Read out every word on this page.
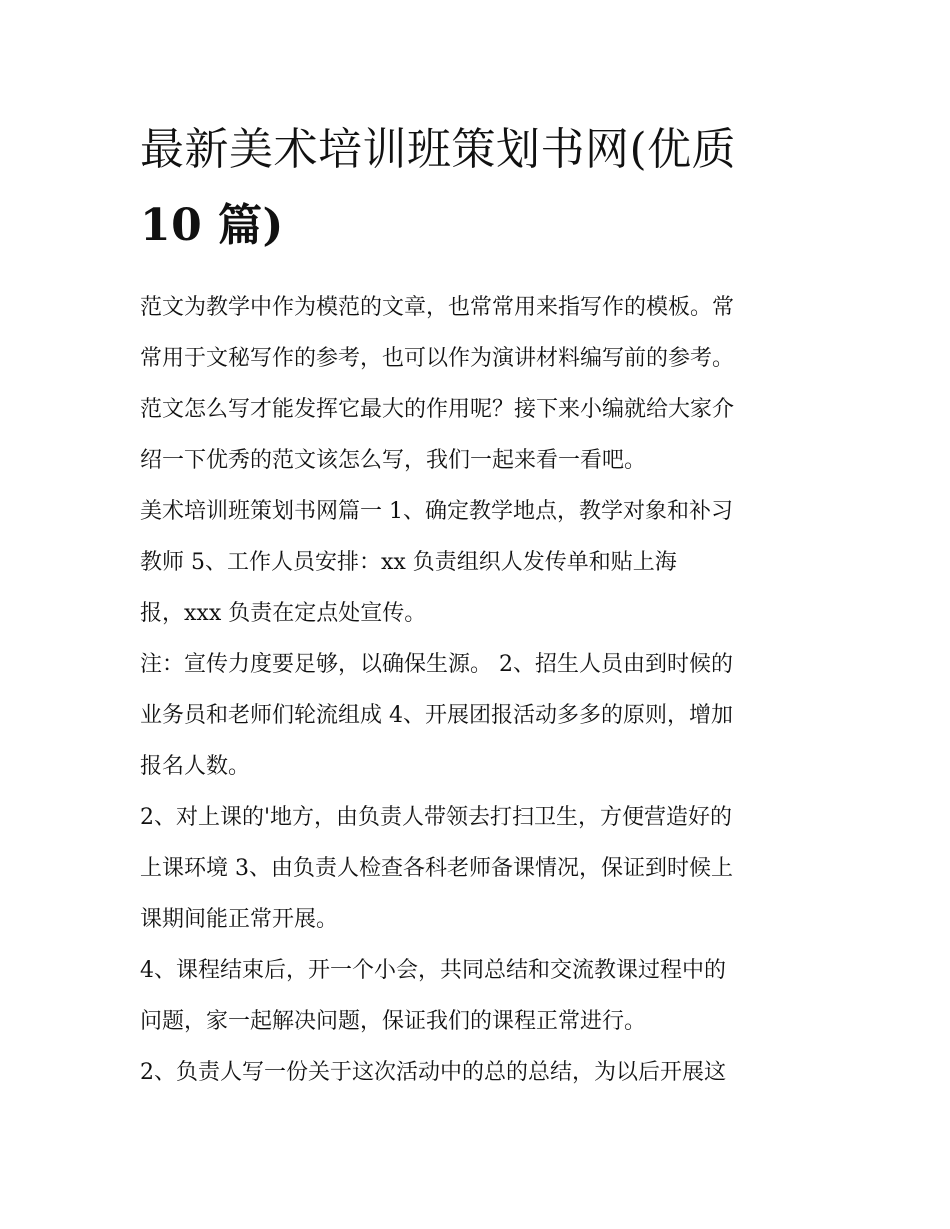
最新美术培训班策划书网(优质
10 篇)

范文为教学中作为模范的文章，也常常用来指写作的模板。常
常用于文秘写作的参考，也可以作为演讲材料编写前的参考。
范文怎么写才能发挥它最大的作用呢？接下来小编就给大家介
绍一下优秀的范文该怎么写，我们一起来看一看吧。

美术培训班策划书网篇一 1、确定教学地点，教学对象和补习
教师 5、工作人员安排：xx 负责组织人发传单和贴上海
报，xxx 负责在定点处宣传。

注：宣传力度要足够，以确保生源。 2、招生人员由到时候的
业务员和老师们轮流组成 4、开展团报活动多多的原则，增加
报名人数。

2、对上课的'地方，由负责人带领去打扫卫生，方便营造好的
上课环境 3、由负责人检查各科老师备课情况，保证到时候上
课期间能正常开展。

4、课程结束后，开一个小会，共同总结和交流教课过程中的
问题，家一起解决问题，保证我们的课程正常进行。

2、负责人写一份关于这次活动中的总的总结，为以后开展这
